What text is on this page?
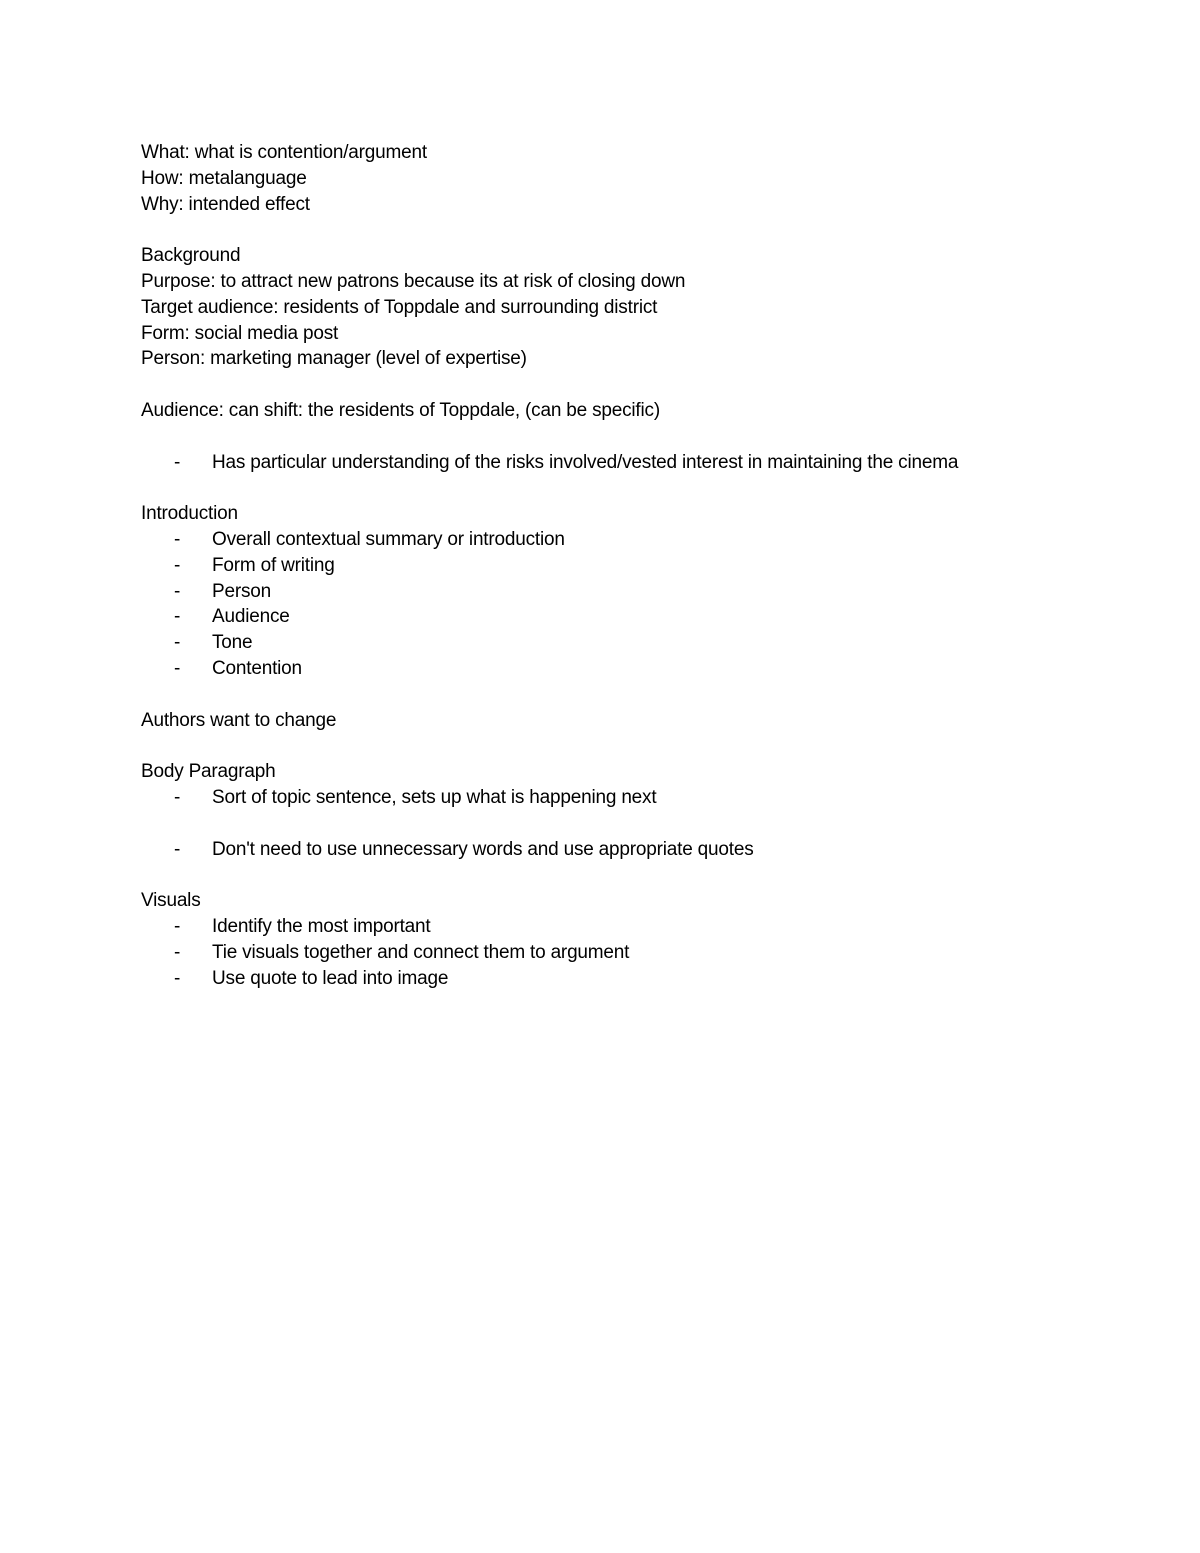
What: what is contention/argument
How: metalanguage
Why: intended effect
Background
Purpose: to attract new patrons because its at risk of closing down
Target audience: residents of Toppdale and surrounding district
Form: social media post
Person: marketing manager (level of expertise)
Audience: can shift: the residents of Toppdale, (can be specific)
- Has particular understanding of the risks involved/vested interest in maintaining the cinema
Introduction
- Overall contextual summary or introduction
- Form of writing
- Person
- Audience
- Tone
- Contention
Authors want to change
Body Paragraph
- Sort of topic sentence, sets up what is happening next
- Don't need to use unnecessary words and use appropriate quotes
Visuals
- Identify the most important
- Tie visuals together and connect them to argument
- Use quote to lead into image
